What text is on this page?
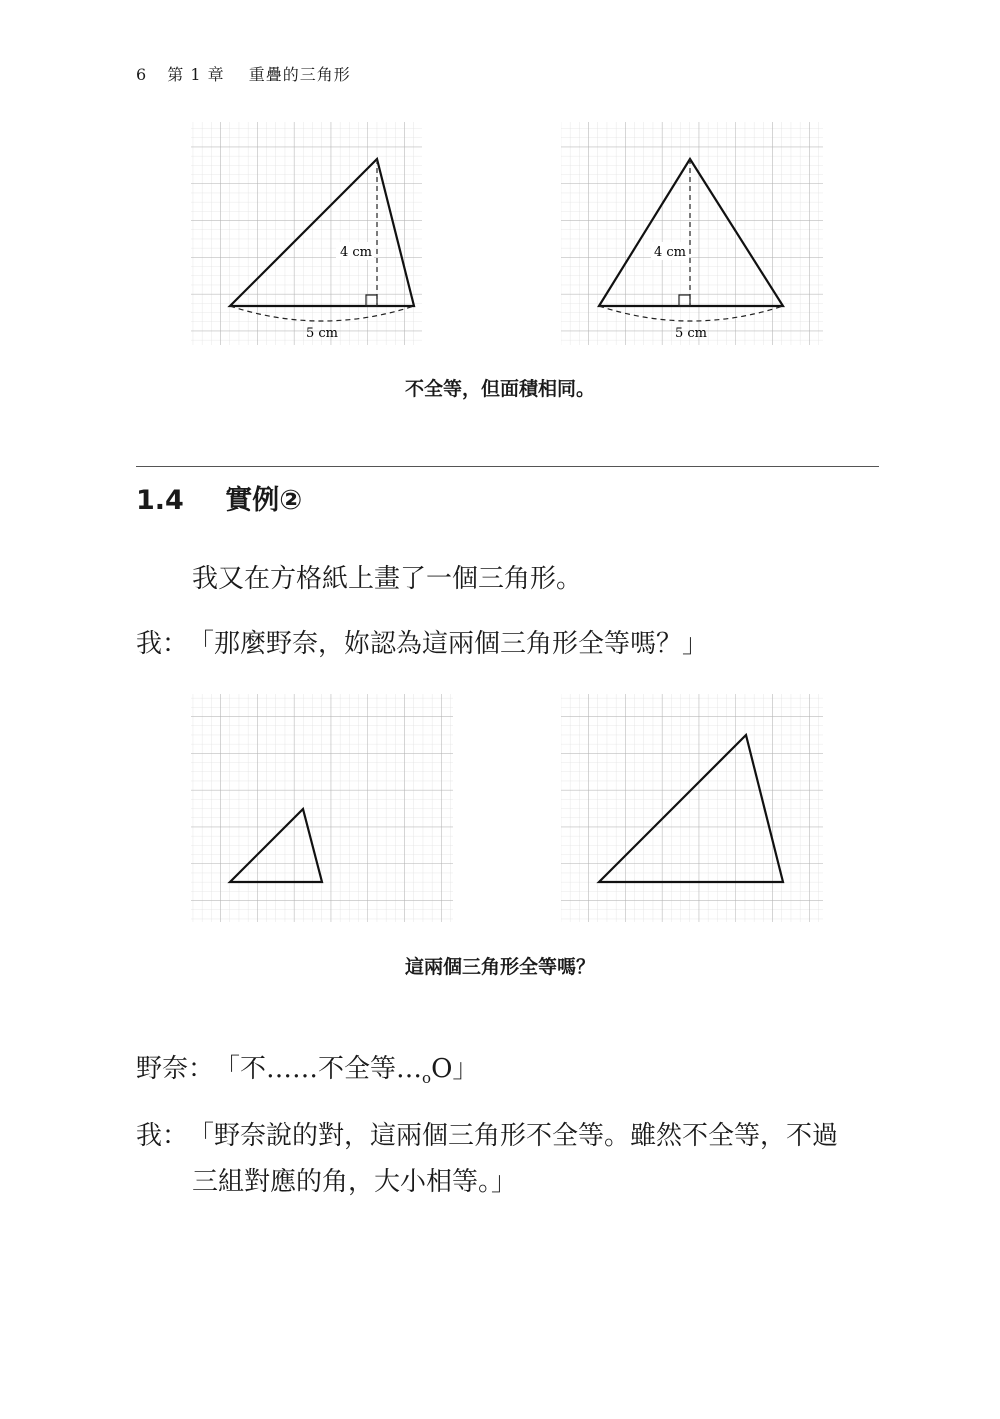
6 第 1 章 重疊的三角形
4 cm
5 cm
4 cm
5 cm
不全等，但面積相同。
1.4 實例②
我又在方格紙上畫了一個三角形。
我：「那麼野奈，妳認為這兩個三角形全等嗎？」
這兩個三角形全等嗎？
野奈：「不……不全等$\dots_oO$」
我：「野奈說的對，這兩個三角形不全等。雖然不全等，不過
三組對應的角，大小相等。」
